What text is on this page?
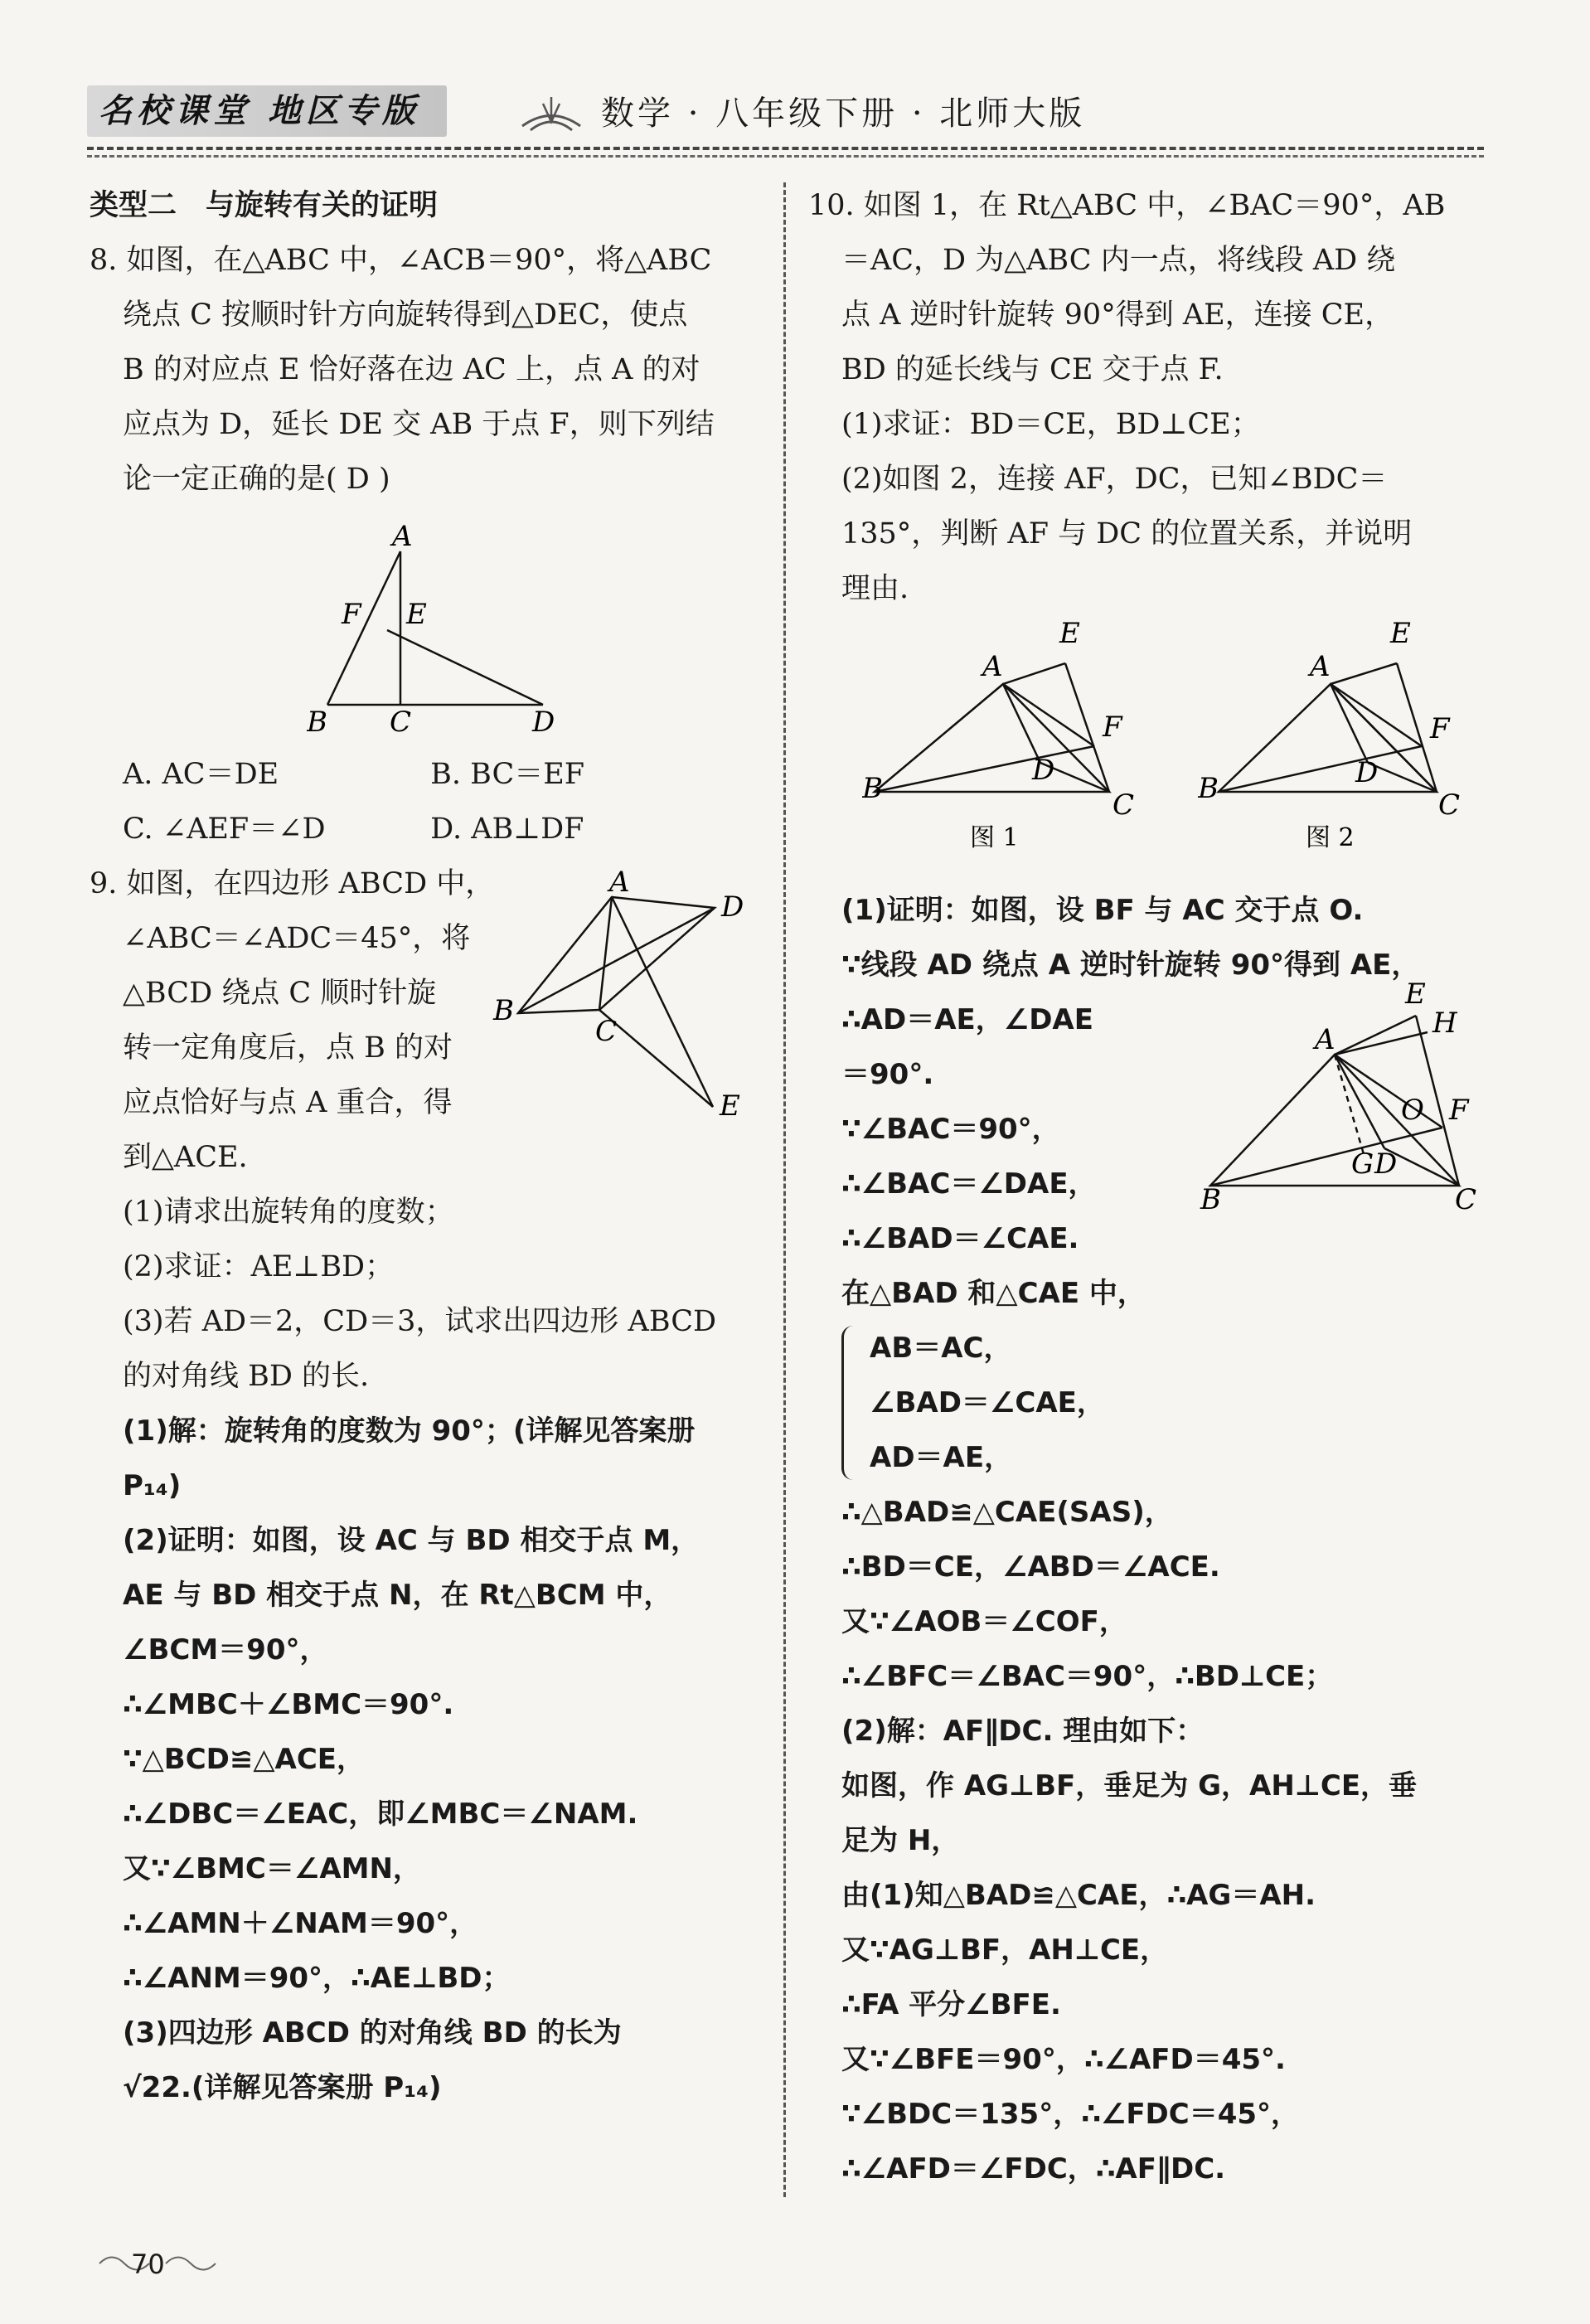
名校课堂 地区专版	数学 · 八年级下册 · 北师大版
类型二　与旋转有关的证明
8. 如图，在△ABC 中，∠ACB＝90°，将△ABC
绕点 C 按顺时针方向旋转得到△DEC，使点
B 的对应点 E 恰好落在边 AC 上，点 A 的对
应点为 D，延长 DE 交 AB 于点 F，则下列结
论一定正确的是( D )
A. AC＝DE	B. BC＝EF
C. ∠AEF＝∠D	D. AB⊥DF
9. 如图，在四边形 ABCD 中，
∠ABC＝∠ADC＝45°，将
△BCD 绕点 C 顺时针旋
转一定角度后，点 B 的对
应点恰好与点 A 重合，得
到△ACE.
(1)请求出旋转角的度数；
(2)求证：AE⊥BD；
(3)若 AD＝2，CD＝3，试求出四边形 ABCD
的对角线 BD 的长.
(1)解：旋转角的度数为 90°；(详解见答案册
P₁₄)
(2)证明：如图，设 AC 与 BD 相交于点 M，
AE 与 BD 相交于点 N，在 Rt△BCM 中，
∠BCM＝90°，
∴∠MBC＋∠BMC＝90°.
∵△BCD≌△ACE，
∴∠DBC＝∠EAC，即∠MBC＝∠NAM.
又∵∠BMC＝∠AMN，
∴∠AMN＋∠NAM＝90°，
∴∠ANM＝90°，∴AE⊥BD；
(3)四边形 ABCD 的对角线 BD 的长为
√22.(详解见答案册 P₁₄)
A
F E
B C	D
A
D
B
C
E
10. 如图 1，在 Rt△ABC 中，∠BAC＝90°，AB
＝AC，D 为△ABC 内一点，将线段 AD 绕
点 A 逆时针旋转 90°得到 AE，连接 CE，
BD 的延长线与 CE 交于点 F.
(1)求证：BD＝CE，BD⊥CE；
(2)如图 2，连接 AF，DC，已知∠BDC＝
135°，判断 AF 与 DC 的位置关系，并说明
理由.
(1)证明：如图，设 BF 与 AC 交于点 O.
∵线段 AD 绕点 A 逆时针旋转 90°得到 AE，
∴AD＝AE，∠DAE
＝90°.
∵∠BAC＝90°，
∴∠BAC＝∠DAE，
∴∠BAD＝∠CAE.
在△BAD 和△CAE 中，
AB＝AC，
∠BAD＝∠CAE，
AD＝AE，
∴△BAD≌△CAE(SAS)，
∴BD＝CE，∠ABD＝∠ACE.
又∵∠AOB＝∠COF，
∴∠BFC＝∠BAC＝90°，∴BD⊥CE；
(2)解：AF∥DC. 理由如下：
如图，作 AG⊥BF，垂足为 G，AH⊥CE，垂
足为 H，
由(1)知△BAD≌△CAE，∴AG＝AH.
又∵AG⊥BF，AH⊥CE，
∴FA 平分∠BFE.
又∵∠BFE＝90°，∴∠AFD＝45°.
∵∠BDC＝135°，∴∠FDC＝45°，
∴∠AFD＝∠FDC，∴AF∥DC.
A
E
F
D
B	C
图 1
A
E
F
D
B	C
图 2
A
E
H
O F
G D
B	C
70
